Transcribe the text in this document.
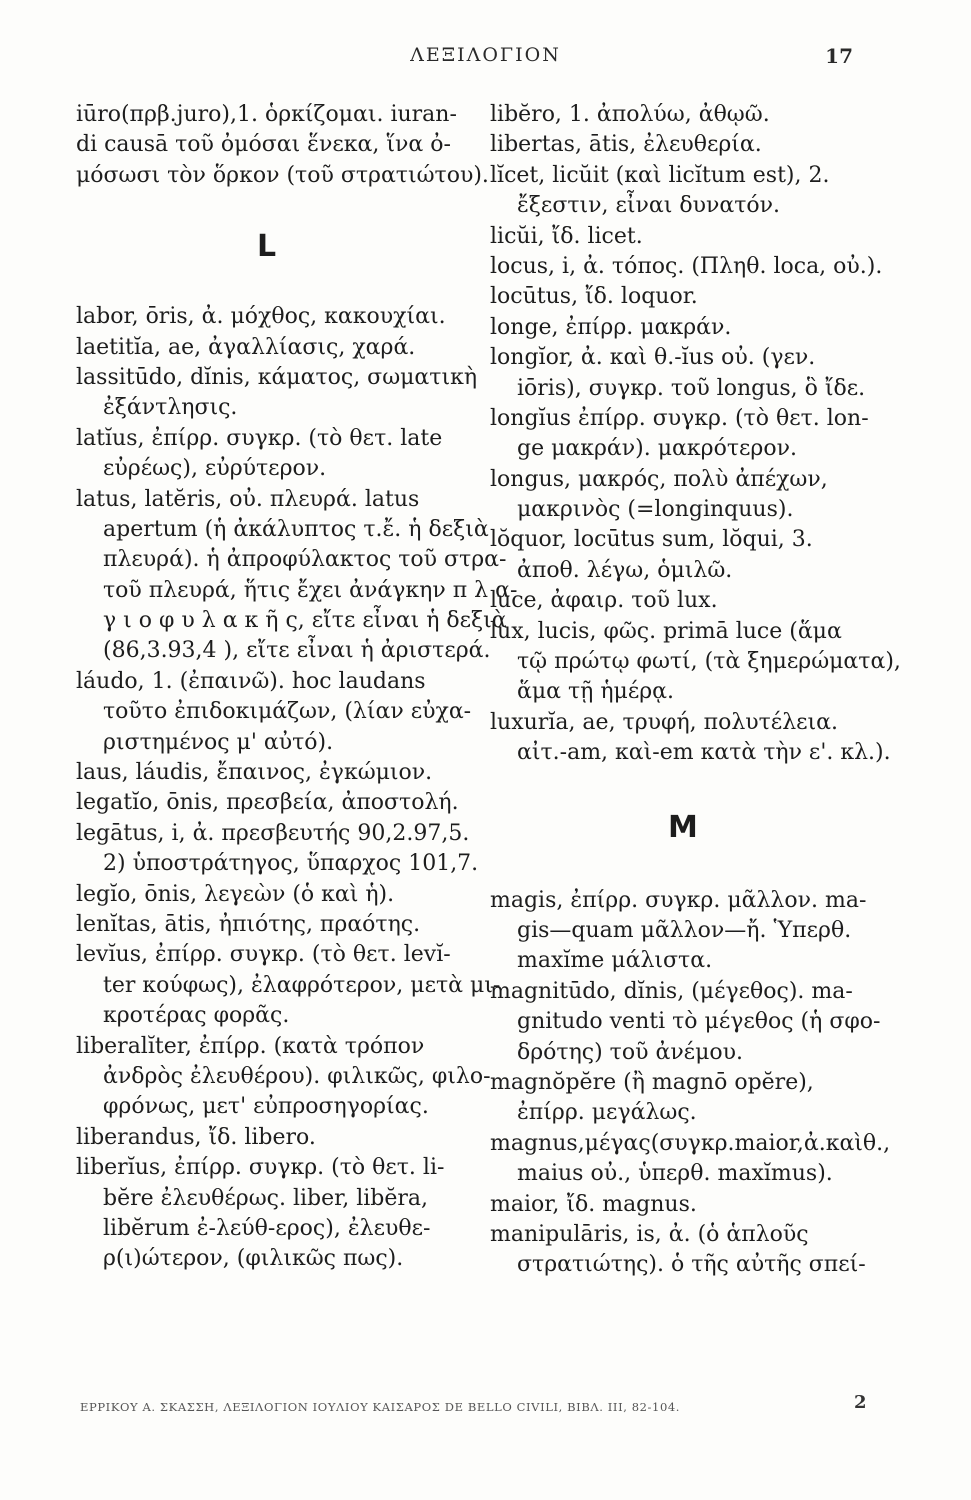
ΛΕΞΙΛΟΓΙΟΝ	17
iūro(πρβ.juro),1. ὁρκίζομαι. iuran-
di causā τοῦ ὀμόσαι ἕνεκα, ἵνα ὀ-
μόσωσι τὸν ὅρκον (τοῦ στρατιώτου).
L
labor, ōris, ἀ. μόχθος, κακουχίαι.
laetitĭa, ae, ἀγαλλίασις, χαρά.
lassitūdo, dĭnis, κάματος, σωματικὴ
ἐξάντλησις.
latĭus, ἐπίρρ. συγκρ. (τὸ θετ. late
εὐρέως), εὐρύτερον.
latus, latĕris, οὐ. πλευρά. latus
apertum (ἡ ἀκάλυπτος τ.ἔ. ἡ δεξιὰ
πλευρά). ἡ ἀπροφύλακτος τοῦ στρα-
τοῦ πλευρά, ἥτις ἔχει ἀνάγκην π λ α-
γ ι ο φ υ λ α κ ῆ ς, εἴτε εἶναι ἡ δεξιὰ
(86,3.93,4 ), εἴτε εἶναι ἡ ἀριστερά.
láudo, 1. (ἐπαινῶ). hoc laudans
τοῦτο ἐπιδοκιμάζων, (λίαν εὐχα-
ριστημένος μ' αὐτό).
laus, láudis, ἔπαινος, ἐγκώμιον.
legatĭo, ōnis, πρεσβεία, ἀποστολή.
legātus, i, ἀ. πρεσβευτής 90,2.97,5.
2) ὑποστράτηγος, ὕπαρχος 101,7.
legĭo, ōnis, λεγεὼν (ὁ καὶ ἡ).
lenĭtas, ātis, ἠπιότης, πραότης.
levĭus, ἐπίρρ. συγκρ. (τὸ θετ. levĭ-
ter κούφως), ἐλαφρότερον, μετὰ μι-
κροτέρας φορᾶς.
liberalĭter, ἐπίρρ. (κατὰ τρόπον
ἀνδρὸς ἐλευθέρου). φιλικῶς, φιλο-
φρόνως, μετ' εὐπροσηγορίας.
liberandus, ἴδ. libero.
liberĭus, ἐπίρρ. συγκρ. (τὸ θετ. li-
bĕre ἐλευθέρως. liber, libĕra,
libĕrum ἐ-λεύθ-ερος), ἐλευθε-
ρ(ι)ώτερον, (φιλικῶς πως).
libĕro, 1. ἀπολύω, ἀθῳῶ.
libertas, ātis, ἐλευθερία.
lĭcet, licŭit (καὶ licĭtum est), 2.
ἔξεστιν, εἶναι δυνατόν.
licŭi, ἴδ. licet.
locus, i, ἀ. τόπος. (Πληθ. loca, οὐ.).
locūtus, ἴδ. loquor.
longe, ἐπίρρ. μακράν.
longĭor, ἀ. καὶ θ.-ĭus οὐ. (γεν.
iōris), συγκρ. τοῦ longus, ὃ ἴδε.
longĭus ἐπίρρ. συγκρ. (τὸ θετ. lon-
ge μακράν). μακρότερον.
longus, μακρός, πολὺ ἀπέχων,
μακρινὸς (=longinquus).
lŏquor, locūtus sum, lŏqui, 3.
ἀποθ. λέγω, ὁμιλῶ.
luce, ἀφαιρ. τοῦ lux.
lux, lucis, φῶς. primā luce (ἅμα
τῷ πρώτῳ φωτί, (τὰ ξημερώματα),
ἅμα τῇ ἡμέρᾳ.
luxurĭa, ae, τρυφή, πολυτέλεια.
αἰτ.-am, καὶ-em κατὰ τὴν ε'. κλ.).
M
magis, ἐπίρρ. συγκρ. μᾶλλον. ma-
gis—quam μᾶλλον—ἤ. Ὑπερθ.
maxĭme μάλιστα.
magnitūdo, dĭnis, (μέγεθος). ma-
gnitudo venti τὸ μέγεθος (ἡ σφο-
δρότης) τοῦ ἀνέμου.
magnŏpĕre (ἢ magnō opĕre),
ἐπίρρ. μεγάλως.
magnus,μέγας(συγκρ.maior,ἀ.καὶθ.,
maius οὐ., ὑπερθ. maxĭmus).
maior, ἴδ. magnus.
manipulāris, is, ἀ. (ὁ ἁπλοῦς
στρατιώτης). ὁ τῆς αὐτῆς σπεί-
ΕΡΡΙΚΟΥ Α. ΣΚΑΣΣΗ, ΛΕΞΙΛΟΓΙΟΝ ΙΟΥΛΙΟΥ ΚΑΙΣΑΡΟΣ DE BELLO CIVILI, ΒΙΒΛ. III, 82-104.	2
